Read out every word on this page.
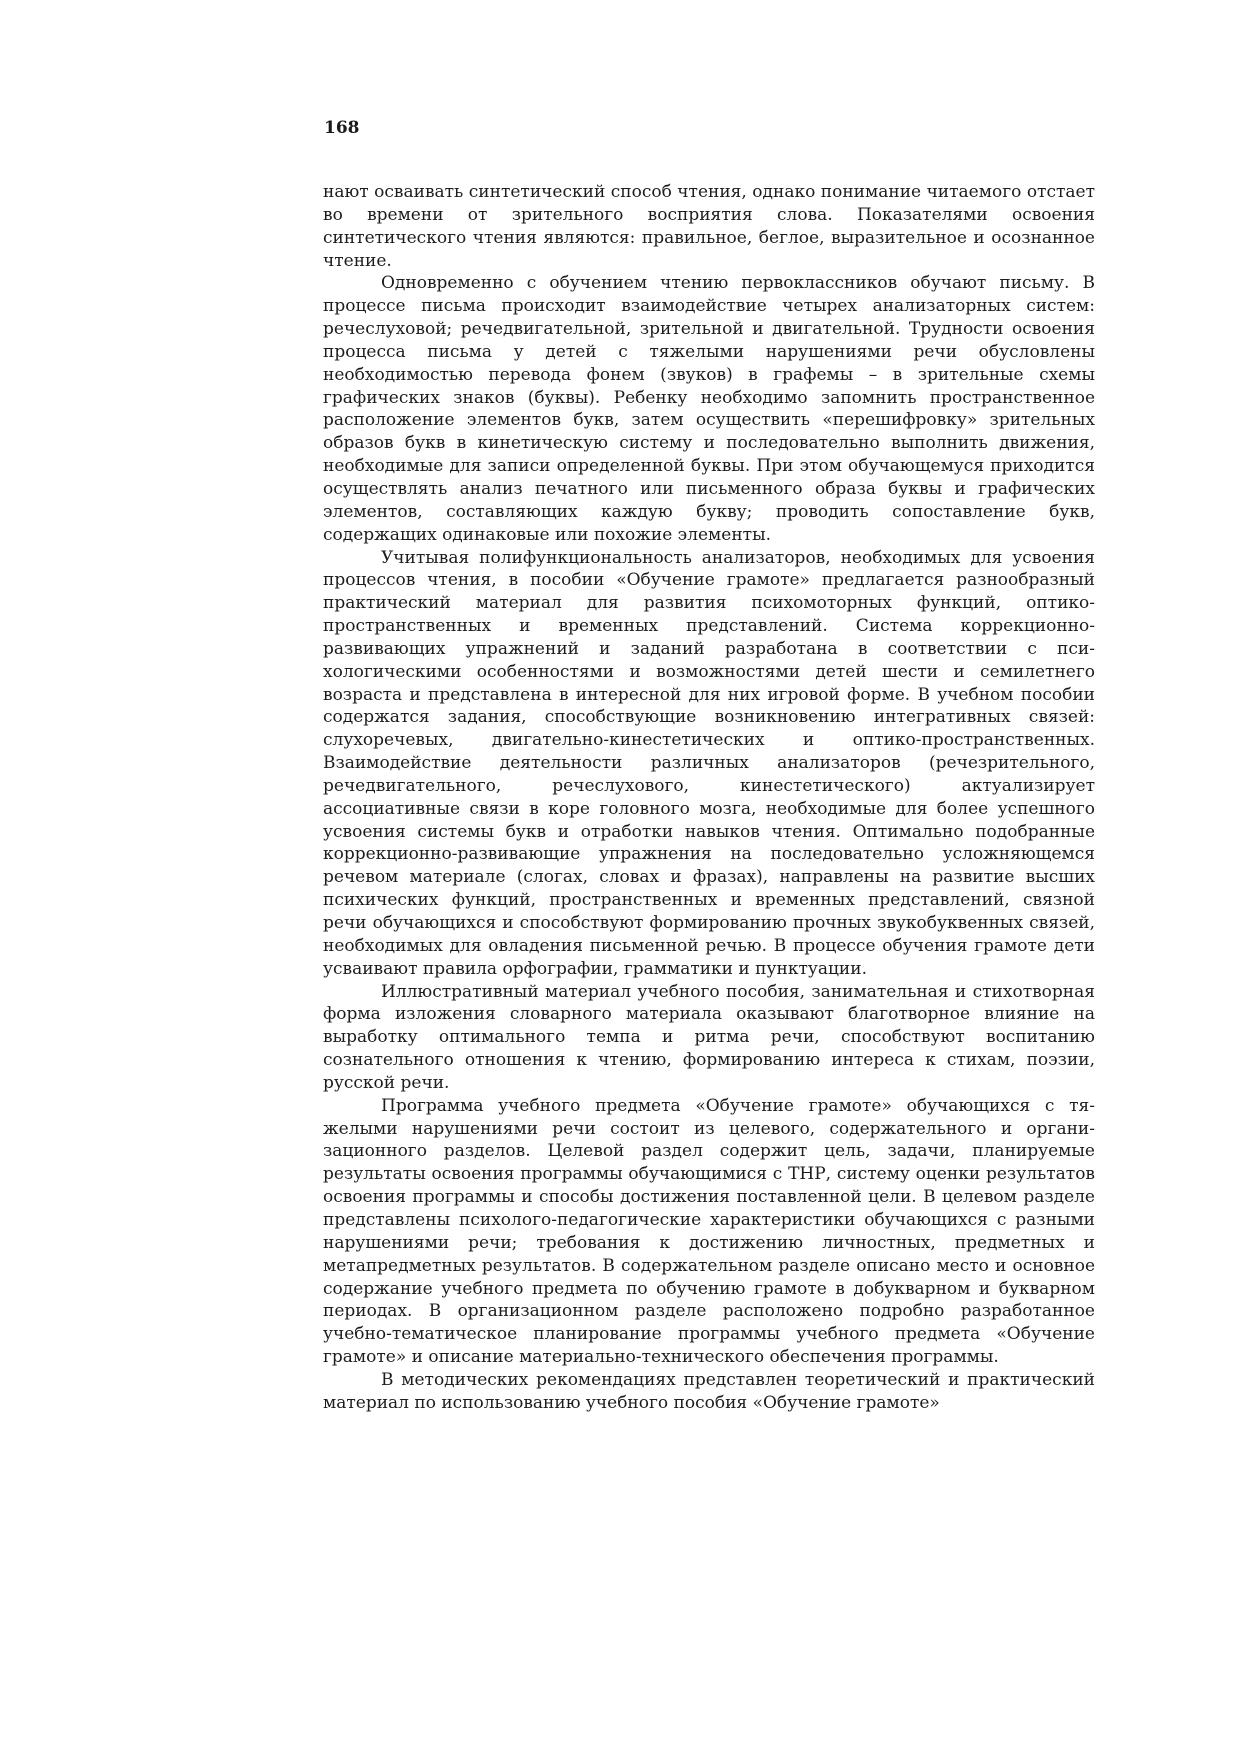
168

нают осваивать синтетический способ чтения, однако понимание читаемого отстает во времени от зрительного восприятия слова. Показателями освоения синтетического чтения являются: правильное, беглое, выразительное и осознанное чтение.

Одновременно с обучением чтению первоклассников обучают письму. В процессе письма происходит взаимодействие четырех анализаторных систем: речеслуховой; речедвигательной, зрительной и двигательной. Трудности освоения процесса письма у детей с тяжелыми нарушениями речи обусловлены необходимостью перевода фонем (звуков) в графемы – в зрительные схемы графических знаков (буквы). Ребенку необходимо запомнить пространственное расположение элементов букв, затем осуществить «перешифровку» зрительных образов букв в кинетическую систему и последовательно выполнить движения, необходимые для записи определенной буквы. При этом обучающемуся приходится осуществлять анализ печатного или письменного образа буквы и графических элементов, составляющих каждую букву; проводить сопоставление букв, содержащих одинаковые или похожие элементы.

Учитывая полифункциональность анализаторов, необходимых для усвоения процессов чтения, в пособии «Обучение грамоте» предлагается разнообразный практический материал для развития психомоторных функций, оптико-пространственных и временных представлений. Система коррекционно-развивающих упражнений и заданий разработана в соответствии с психологическими особенностями и возможностями детей шести и семилетнего возраста и представлена в интересной для них игровой форме. В учебном пособии содержатся задания, способствующие возникновению интегративных связей: слухоречевых, двигательно-кинестетических и оптико-пространственных. Взаимодействие деятельности различных анализаторов (речезрительного, речедвигательного, речеслухового, кинестетического) актуализирует ассоциативные связи в коре головного мозга, необходимые для более успешного усвоения системы букв и отработки навыков чтения. Оптимально подобранные коррекционно-развивающие упражнения на последовательно усложняющемся речевом материале (слогах, словах и фразах), направлены на развитие высших психических функций, пространственных и временных представлений, связной речи обучающихся и способствуют формированию прочных звукобуквенных связей, необходимых для овладения письменной речью. В процессе обучения грамоте дети усваивают правила орфографии, грамматики и пунктуации.

Иллюстративный материал учебного пособия, занимательная и стихотворная форма изложения словарного материала оказывают благотворное влияние на выработку оптимального темпа и ритма речи, способствуют воспитанию сознательного отношения к чтению, формированию интереса к стихам, поэзии, русской речи.

Программа учебного предмета «Обучение грамоте» обучающихся с тяжелыми нарушениями речи состоит из целевого, содержательного и организационного разделов. Целевой раздел содержит цель, задачи, планируемые результаты освоения программы обучающимися с ТНР, систему оценки результатов освоения программы и способы достижения поставленной цели. В целевом разделе представлены психолого-педагогические характеристики обучающихся с разными нарушениями речи; требования к достижению личностных, предметных и метапредметных результатов. В содержательном разделе описано место и основное содержание учебного предмета по обучению грамоте в добукварном и букварном периодах. В организационном разделе расположено подробно разработанное учебно-тематическое планирование программы учебного предмета «Обучение грамоте» и описание материально-технического обеспечения программы.

В методических рекомендациях представлен теоретический и практический материал по использованию учебного пособия «Обучение грамоте»
